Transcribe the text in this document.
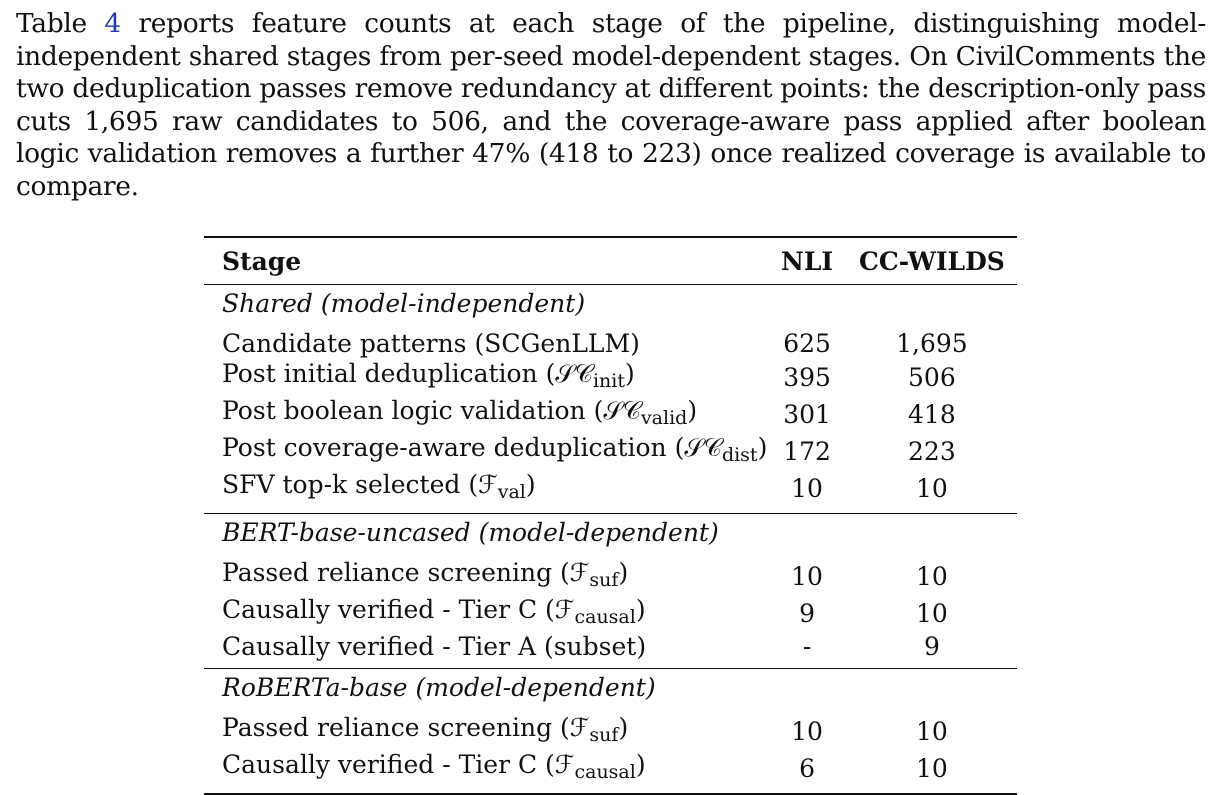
Table 4 reports feature counts at each stage of the pipeline, distinguishing model-independent shared stages from per-seed model-dependent stages. On CivilComments the two deduplication passes remove redundancy at different points: the description-only pass cuts 1,695 raw candidates to 506, and the coverage-aware pass applied after boolean logic validation removes a further 47% (418 to 223) once realized coverage is available to compare.

Stage	NLI	CC-WILDS
Shared (model-independent)		
Candidate patterns (SCGenLLM)	625	1,695
Post initial deduplication (𝒮𝒞$_{init}$)	395	506
Post boolean logic validation (𝒮𝒞$_{valid}$)	301	418
Post coverage-aware deduplication (𝒮𝒞$_{dist}$)	172	223
SFV top-k selected (ℱ$_{val}$)	10	10
BERT-base-uncased (model-dependent)		
Passed reliance screening (ℱ$_{suf}$)	10	10
Causally verified - Tier C (ℱ$_{causal}$)	9	10
Causally verified - Tier A (subset)	-	9
RoBERTa-base (model-dependent)		
Passed reliance screening (ℱ$_{suf}$)	10	10
Causally verified - Tier C (ℱ$_{causal}$)	6	10
